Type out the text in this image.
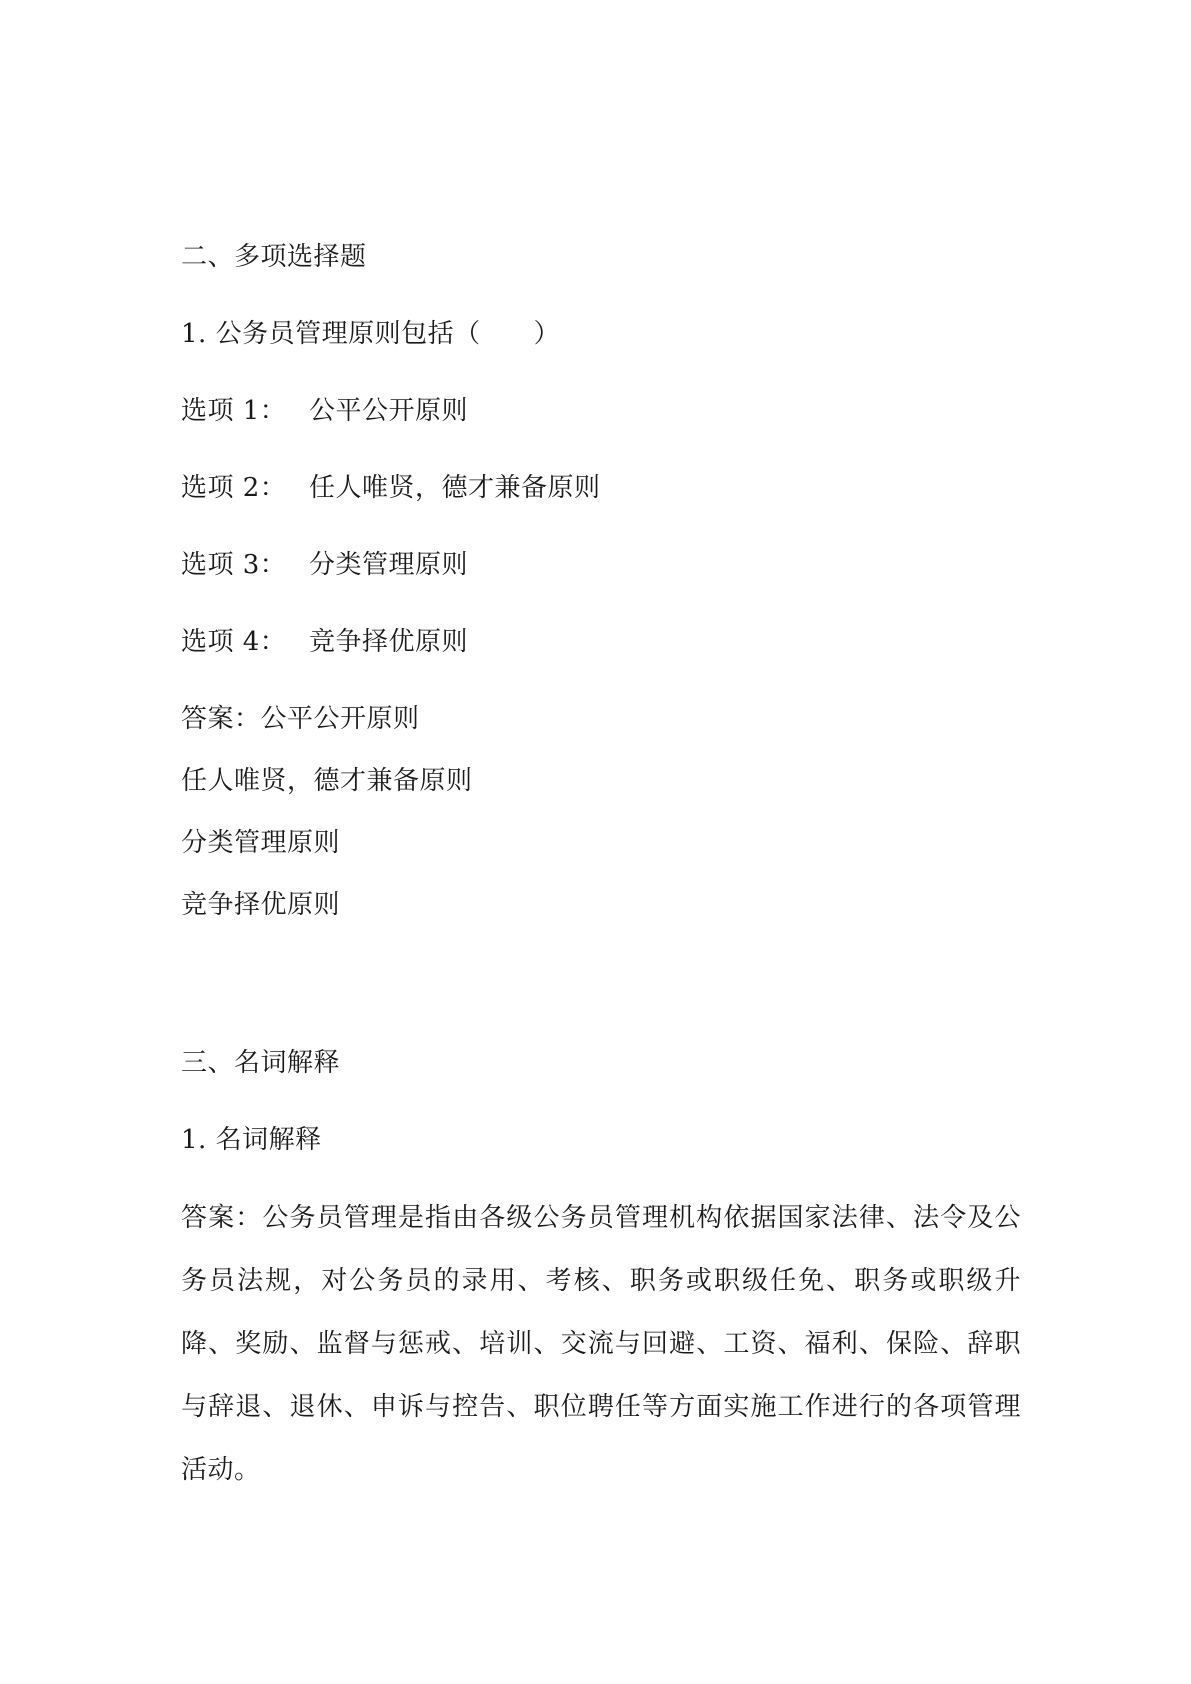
二、多项选择题
1. 公务员管理原则包括（　　）
选项 1： 公平公开原则
选项 2： 任人唯贤，德才兼备原则
选项 3： 分类管理原则
选项 4： 竞争择优原则
答案：公平公开原则
任人唯贤，德才兼备原则
分类管理原则
竞争择优原则
三、名词解释
1. 名词解释
答案：公务员管理是指由各级公务员管理机构依据国家法律、法令及公务员法规，对公务员的录用、考核、职务或职级任免、职务或职级升降、奖励、监督与惩戒、培训、交流与回避、工资、福利、保险、辞职与辞退、退休、申诉与控告、职位聘任等方面实施工作进行的各项管理活动。
